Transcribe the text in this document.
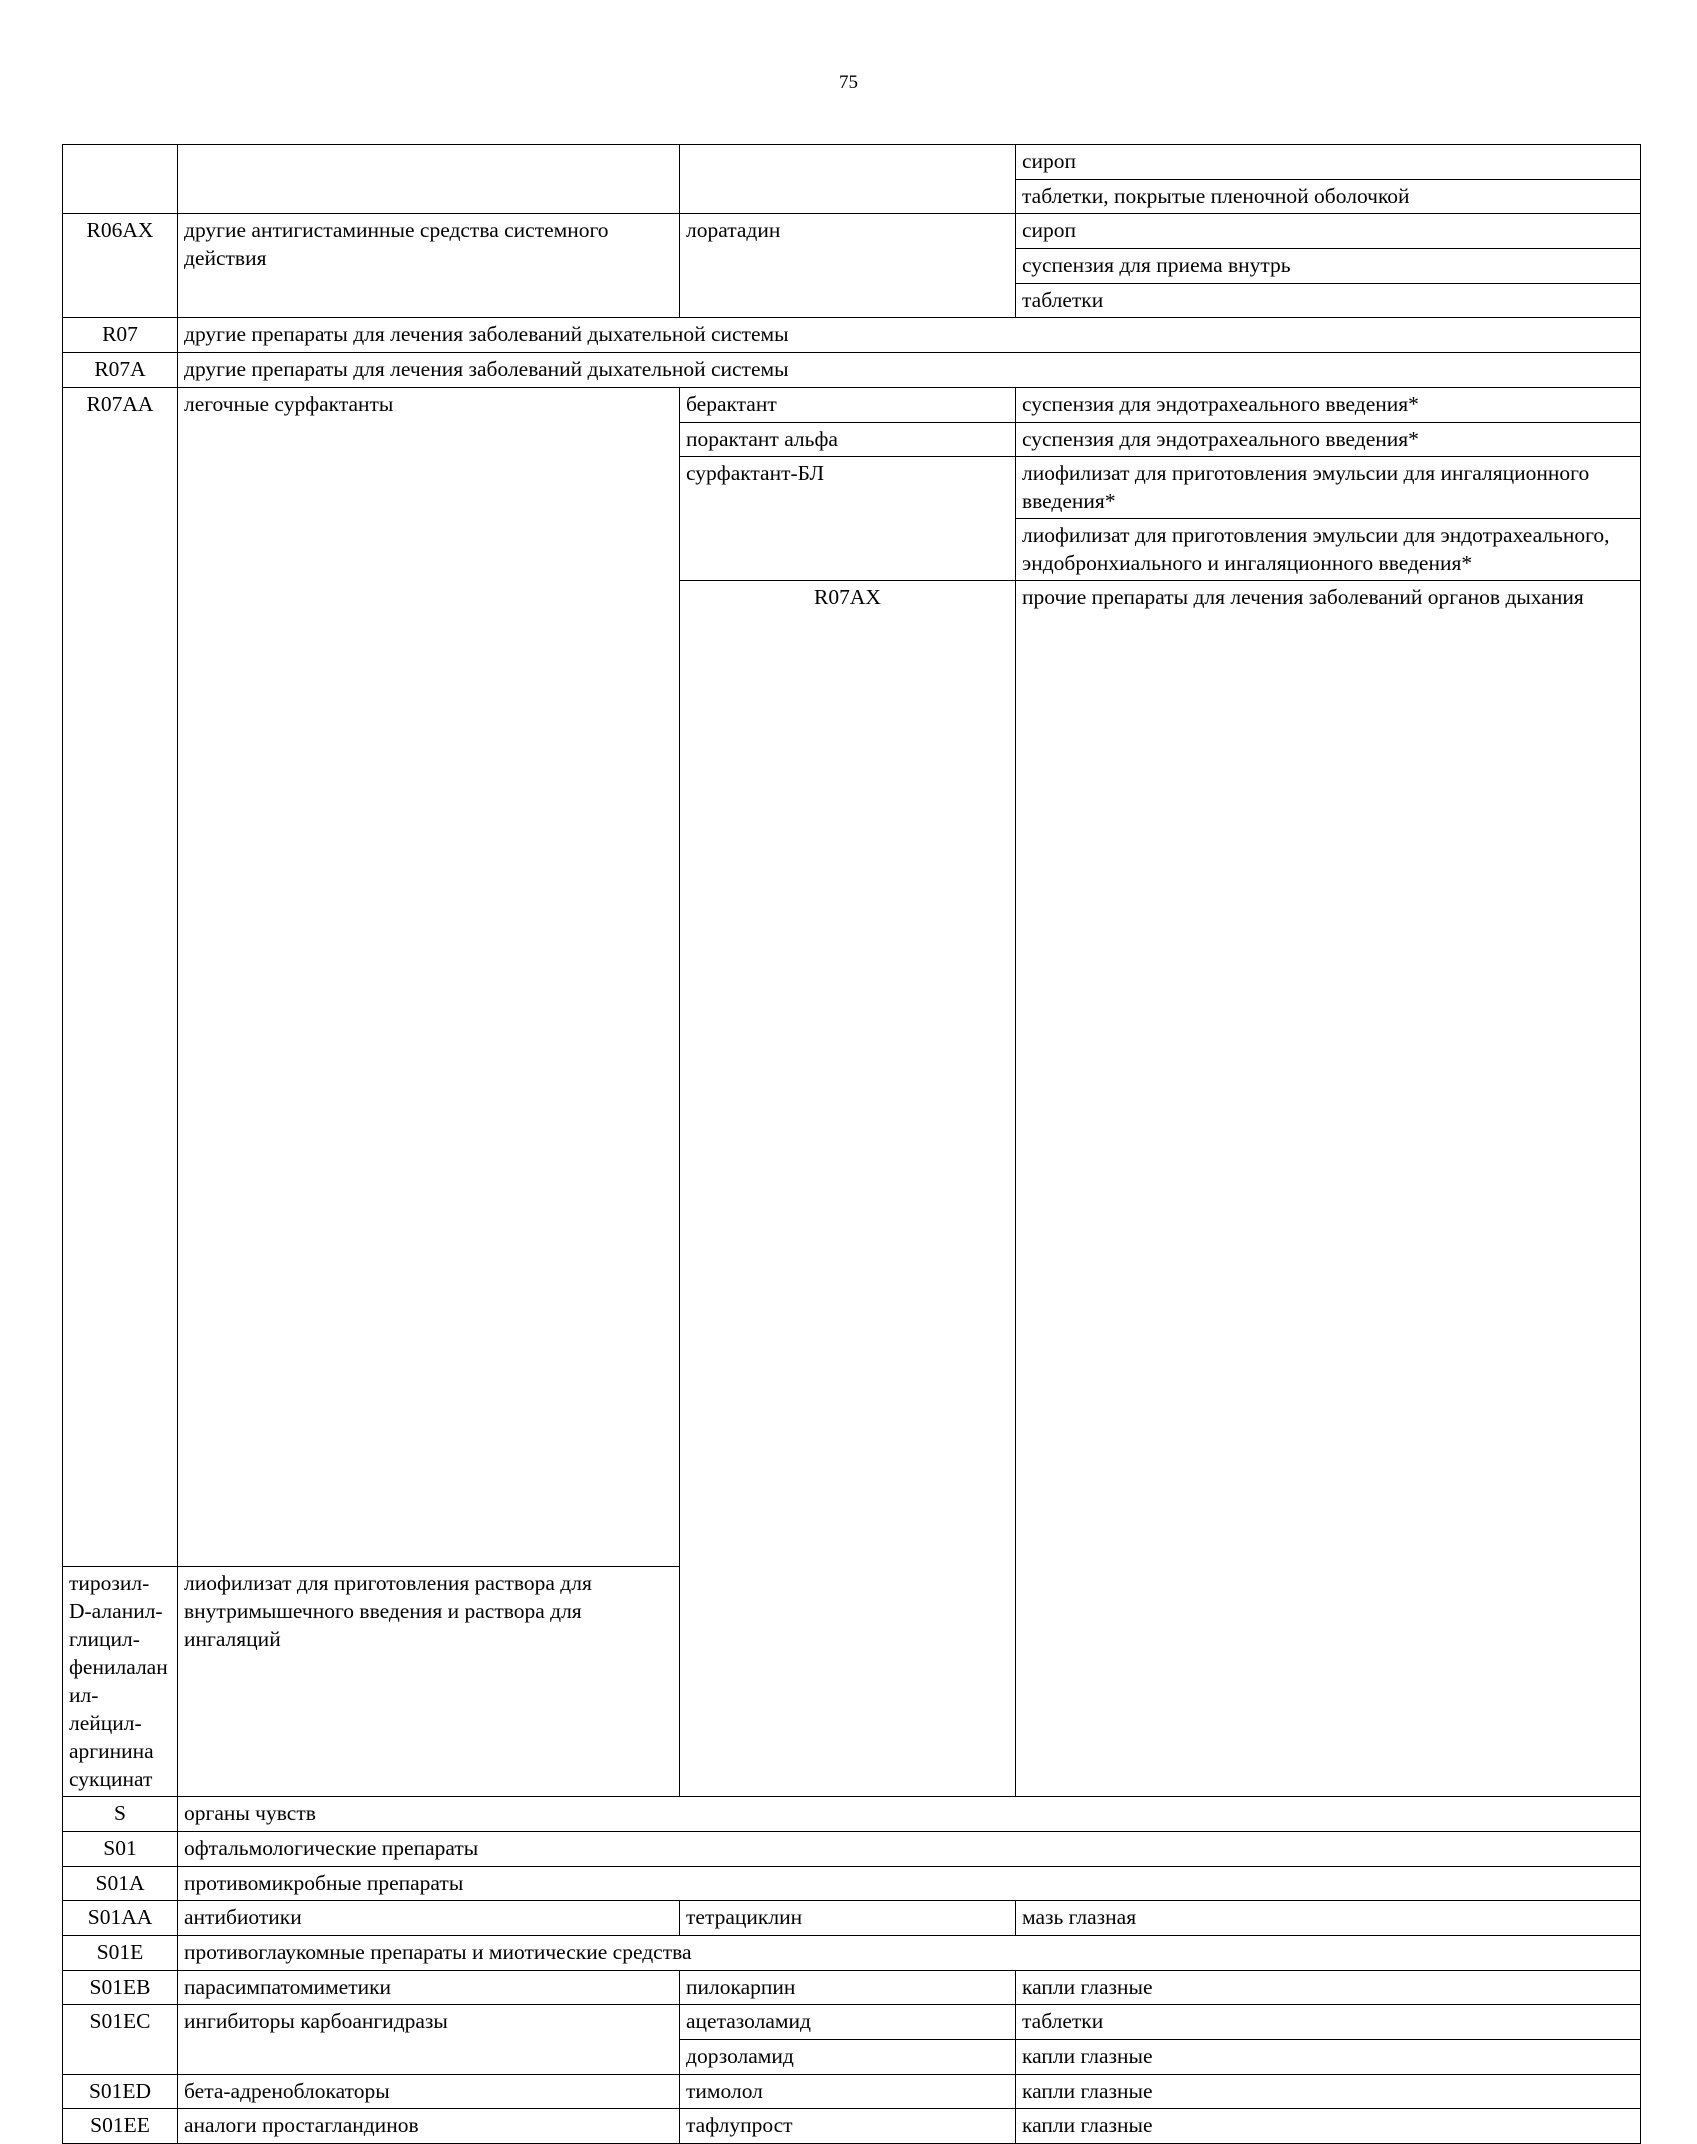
75
			сироп	
			таблетки, покрытые пленочной оболочкой	
R06AX	другие антигистаминные средства системного действия	лоратадин	сироп	
			суспензия для приема внутрь	
			таблетки	
R07	другие препараты для лечения заболеваний дыхательной системы			
R07A	другие препараты для лечения заболеваний дыхательной системы			
R07AA	легочные сурфактанты	берактант	суспензия для эндотрахеального введения*	
		порактант альфа	суспензия для эндотрахеального введения*	
		сурфактант-БЛ	лиофилизат для приготовления эмульсии для ингаляционного введения*	
			лиофилизат для приготовления эмульсии для эндотрахеального, эндобронхиального и ингаляционного введения*	
		R07AX	прочие препараты для лечения заболеваний органов дыхания		
тирозил-D-аланил-глицил-фенилаланил-лейцил-аргинина сукцинат	лиофилизат для приготовления раствора для внутримышечного введения и раствора для ингаляций			
S	органы чувств			
S01	офтальмологические препараты			
S01A	противомикробные препараты			
S01AA	антибиотики	тетрациклин	мазь глазная	
S01E	противоглаукомные препараты и миотические средства			
S01EB	парасимпатомиметики	пилокарпин	капли глазные	
S01EC	ингибиторы карбоангидразы	ацетазоламид	таблетки	
		дорзоламид	капли глазные	
S01ED	бета-адреноблокаторы	тимолол	капли глазные	
S01EE	аналоги простагландинов	тафлупрост	капли глазные	
